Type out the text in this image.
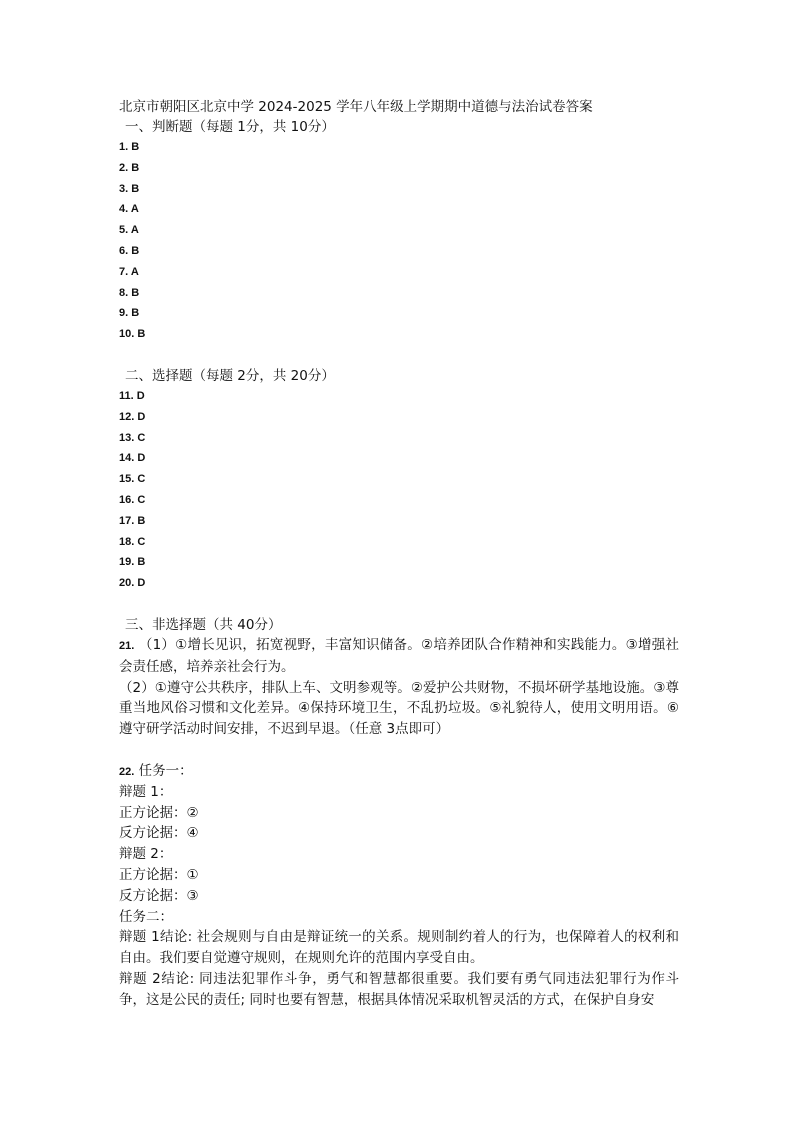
北京市朝阳区北京中学 2024-2025 学年八年级上学期期中道德与法治试卷答案
一、判断题（每题 1分，共 10分）
1. B
2. B
3. B
4. A
5. A
6. B
7. A
8. B
9. B
10. B
二、选择题（每题 2分，共 20分）
11. D
12. D
13. C
14. D
15. C
16. C
17. B
18. C
19. B
20. D
三、非选择题（共 40分）
21. （1）①增长见识，拓宽视野，丰富知识储备。②培养团队合作精神和实践能力。③增强社会责任感，培养亲社会行为。
（2）①遵守公共秩序，排队上车、文明参观等。②爱护公共财物，不损坏研学基地设施。③尊重当地风俗习惯和文化差异。④保持环境卫生，不乱扔垃圾。⑤礼貌待人，使用文明用语。⑥遵守研学活动时间安排，不迟到早退。（任意 3点即可）
22. 任务一：
辩题 1：
正方论据：②
反方论据：④
辩题 2：
正方论据：①
反方论据：③
任务二：
辩题 1结论: 社会规则与自由是辩证统一的关系。规则制约着人的行为，也保障着人的权利和自由。我们要自觉遵守规则，在规则允许的范围内享受自由。
辩题 2结论: 同违法犯罪作斗争，勇气和智慧都很重要。我们要有勇气同违法犯罪行为作斗争，这是公民的责任; 同时也要有智慧，根据具体情况采取机智灵活的方式，在保护自身安
